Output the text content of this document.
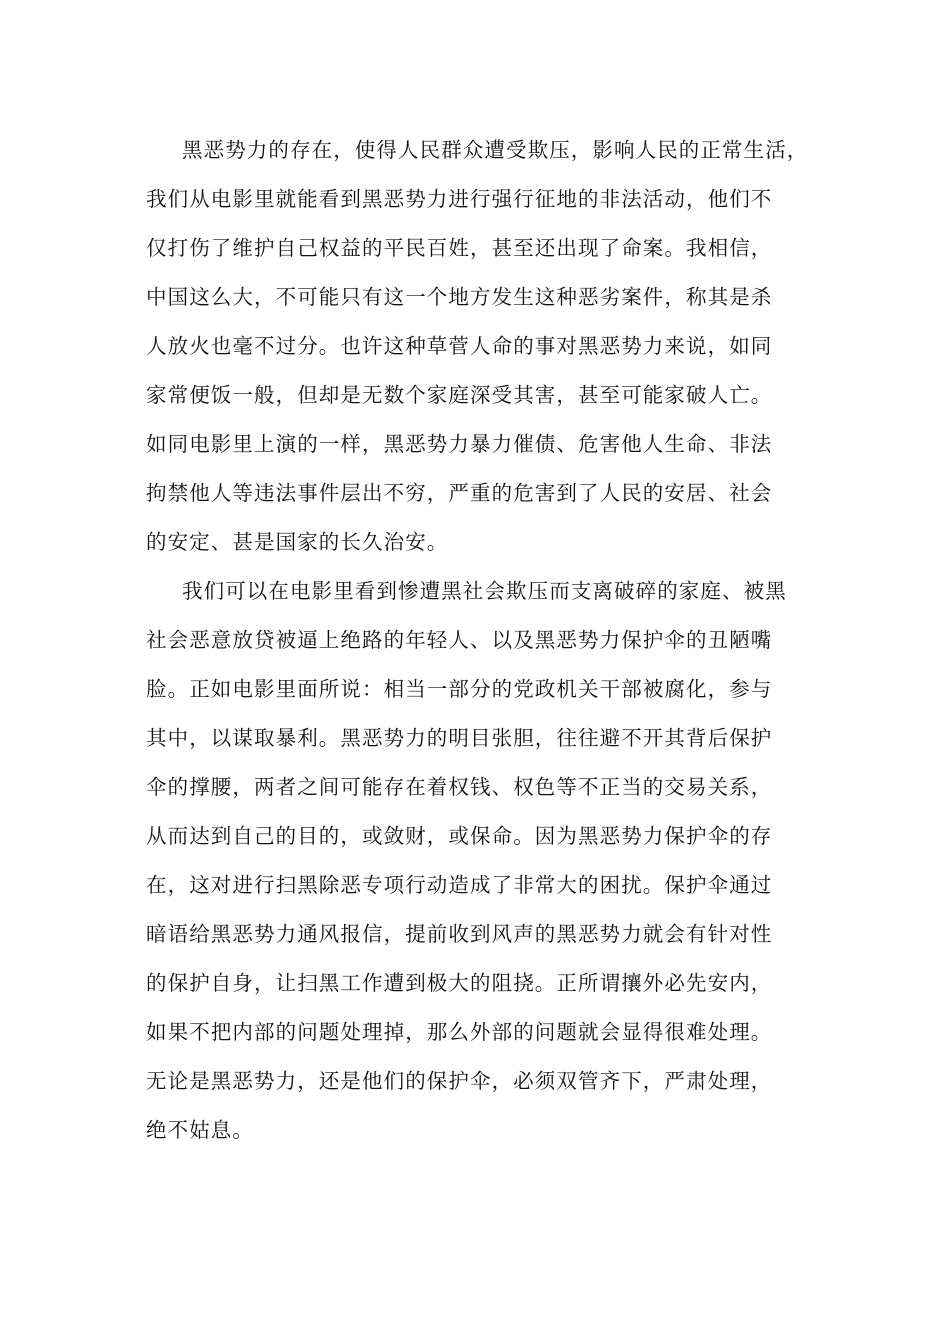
黑恶势力的存在，使得人民群众遭受欺压，影响人民的正常生活，
我们从电影里就能看到黑恶势力进行强行征地的非法活动，他们不
仅打伤了维护自己权益的平民百姓，甚至还出现了命案。我相信，
中国这么大，不可能只有这一个地方发生这种恶劣案件，称其是杀
人放火也毫不过分。也许这种草菅人命的事对黑恶势力来说，如同
家常便饭一般，但却是无数个家庭深受其害，甚至可能家破人亡。
如同电影里上演的一样，黑恶势力暴力催债、危害他人生命、非法
拘禁他人等违法事件层出不穷，严重的危害到了人民的安居、社会
的安定、甚是国家的长久治安。
我们可以在电影里看到惨遭黑社会欺压而支离破碎的家庭、被黑
社会恶意放贷被逼上绝路的年轻人、以及黑恶势力保护伞的丑陋嘴
脸。正如电影里面所说：相当一部分的党政机关干部被腐化，参与
其中，以谋取暴利。黑恶势力的明目张胆，往往避不开其背后保护
伞的撑腰，两者之间可能存在着权钱、权色等不正当的交易关系，
从而达到自己的目的，或敛财，或保命。因为黑恶势力保护伞的存
在，这对进行扫黑除恶专项行动造成了非常大的困扰。保护伞通过
暗语给黑恶势力通风报信，提前收到风声的黑恶势力就会有针对性
的保护自身，让扫黑工作遭到极大的阻挠。正所谓攘外必先安内，
如果不把内部的问题处理掉，那么外部的问题就会显得很难处理。
无论是黑恶势力，还是他们的保护伞，必须双管齐下，严肃处理，
绝不姑息。
